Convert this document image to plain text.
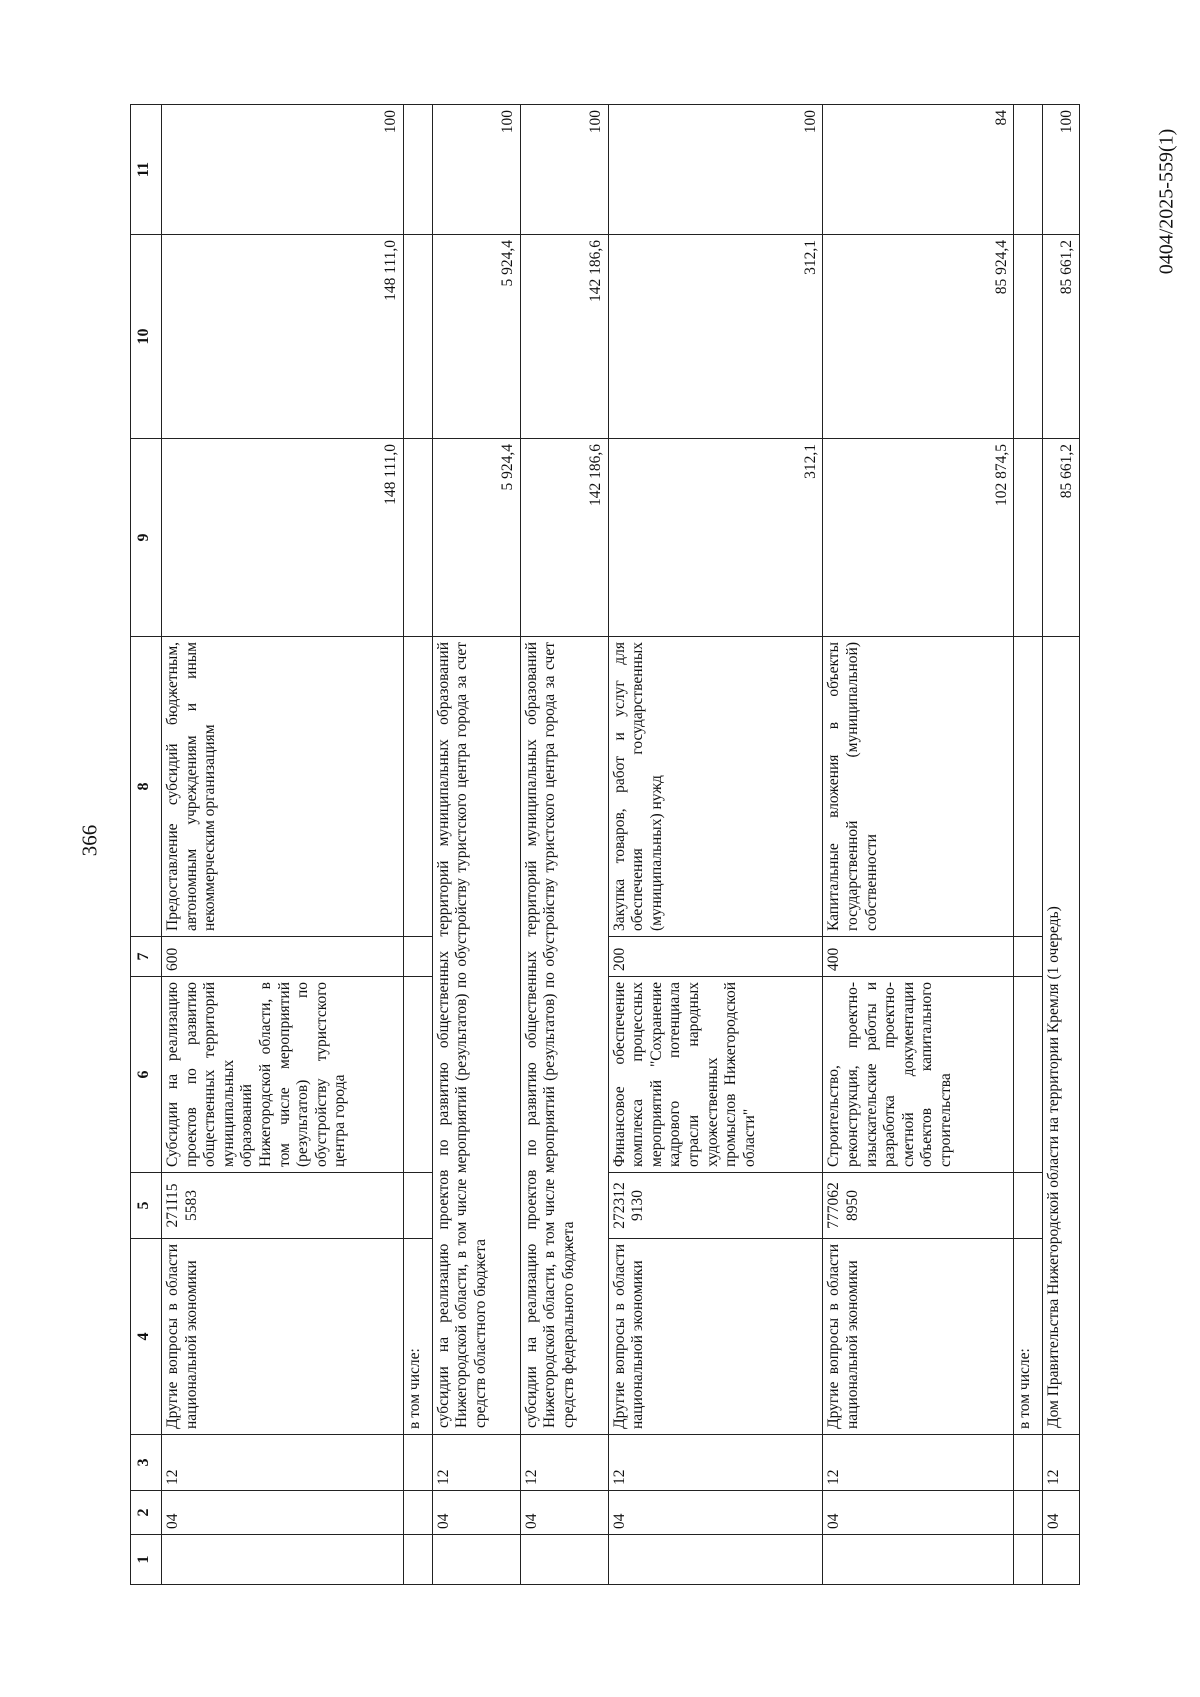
366
0404/2025-559(1)
1	2	3	4	5	6	7	8	9	10	11
	04	12	Другие вопросы в области национальной экономики	271I15 5583	Субсидии на реализацию проектов по развитию общественных территорий муниципальных образований Нижегородской области, в том числе мероприятий (результатов) по обустройству туристского центра города	600	Предоставление субсидий бюджетным, автономным учреждениям и иным некоммерческим организациям	148 111,0	148 111,0	100
			в том числе:							
	04	12	субсидии на реализацию проектов по развитию общественных территорий муниципальных образований Нижегородской области, в том числе мероприятий (результатов) по обустройству туристского центра города за счет средств областного бюджета					5 924,4	5 924,4	100
	04	12	субсидии на реализацию проектов по развитию общественных территорий муниципальных образований Нижегородской области, в том числе мероприятий (результатов) по обустройству туристского центра города за счет средств федерального бюджета					142 186,6	142 186,6	100
	04	12	Другие вопросы в области национальной экономики	272312 9130	Финансовое обеспечение комплекса процессных мероприятий "Сохранение кадрового потенциала отрасли народных художественных промыслов Нижегородской области"	200	Закупка товаров, работ и услуг для обеспечения государственных (муниципальных) нужд	312,1	312,1	100
	04	12	Другие вопросы в области национальной экономики	777062 8950	Строительство, реконструкция, проектно-изыскательские работы и разработка проектно-сметной документации объектов капитального строительства	400	Капитальные вложения в объекты государственной (муниципальной) собственности	102 874,5	85 924,4	84
			в том числе:							
	04	12	Дом Правительства Нижегородской области на территории Кремля (1 очередь)					85 661,2	85 661,2	100
